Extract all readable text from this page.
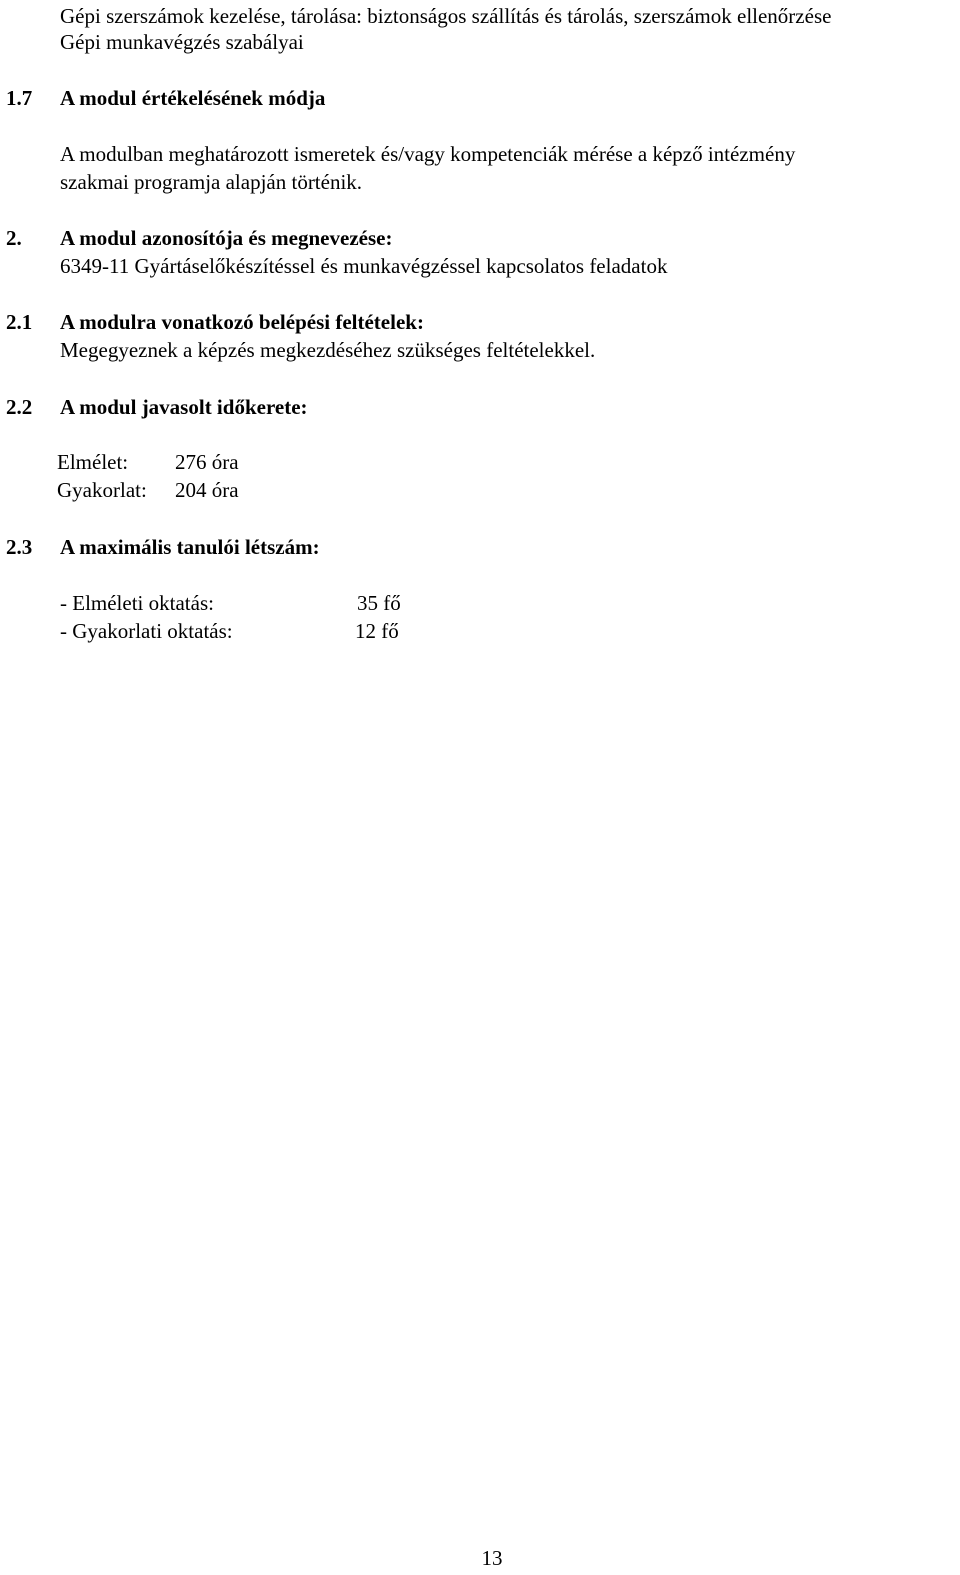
Gépi szerszámok kezelése, tárolása: biztonságos szállítás és tárolás, szerszámok ellenőrzése
Gépi munkavégzés szabályai
1.7 A modul értékelésének módja
A modulban meghatározott ismeretek és/vagy kompetenciák mérése a képző intézmény
szakmai programja alapján történik.
2. A modul azonosítója és megnevezése:
6349-11 Gyártáselőkészítéssel és munkavégzéssel kapcsolatos feladatok
2.1 A modulra vonatkozó belépési feltételek:
Megegyeznek a képzés megkezdéséhez szükséges feltételekkel.
2.2 A modul javasolt időkerete:
Elmélet: 276 óra
Gyakorlat: 204 óra
2.3 A maximális tanulói létszám:
- Elméleti oktatás:	35 fő
- Gyakorlati oktatás:	12 fő
13
